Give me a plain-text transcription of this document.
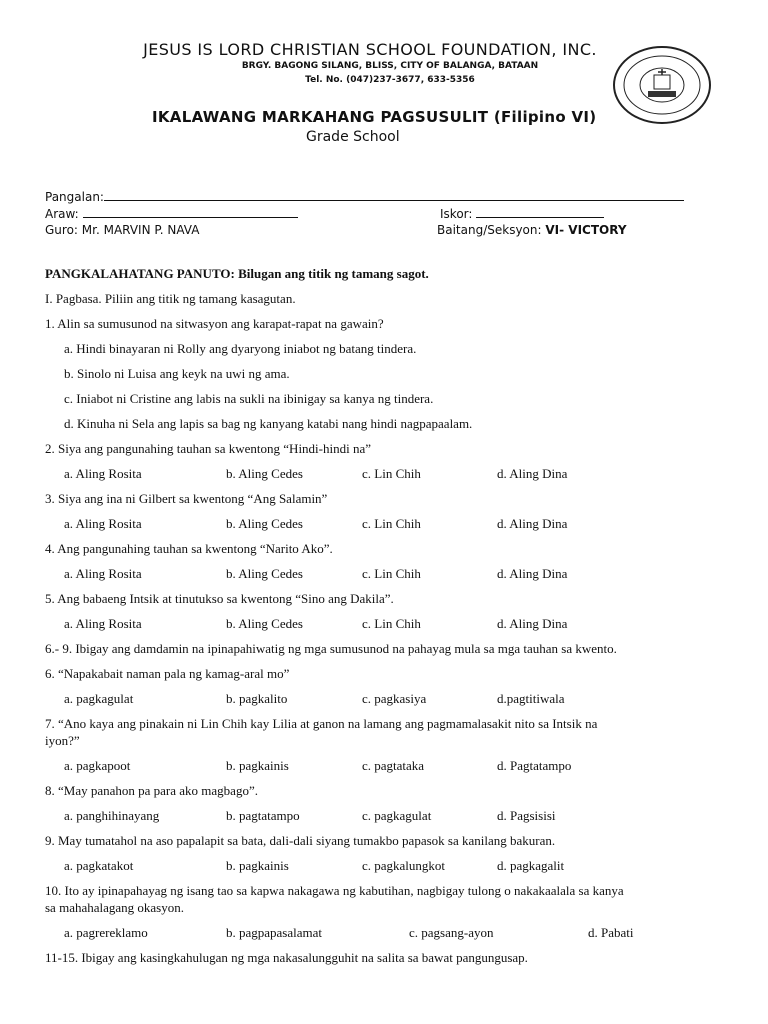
JESUS IS LORD CHRISTIAN SCHOOL FOUNDATION, INC.
BRGY. BAGONG SILANG, BLISS, CITY OF BALANGA, BATAAN
Tel. No. (047)237-3677, 633-5356
IKALAWANG MARKAHANG PAGSUSULIT (Filipino VI)
Grade School
Pangalan:
Araw:	Iskor:
Guro: Mr. MARVIN P. NAVA	Baitang/Seksyon: VI- VICTORY
PANGKALAHATANG PANUTO: Bilugan ang titik ng tamang sagot.
I. Pagbasa. Piliin ang titik ng tamang kasagutan.
1. Alin sa sumusunod na sitwasyon ang karapat-rapat na gawain?
a. Hindi binayaran ni Rolly ang dyaryong iniabot ng batang tindera.
b. Sinolo ni Luisa ang keyk na uwi ng ama.
c. Iniabot ni Cristine ang labis na sukli na ibinigay sa kanya ng tindera.
d. Kinuha ni Sela ang lapis sa bag ng kanyang katabi nang hindi nagpapaalam.
2. Siya ang pangunahing tauhan sa kwentong “Hindi-hindi na”
a. Aling Rosita	b. Aling Cedes	c. Lin Chih	d. Aling Dina
3. Siya ang ina ni Gilbert sa kwentong “Ang Salamin”
a. Aling Rosita	b. Aling Cedes	c. Lin Chih	d. Aling Dina
4. Ang pangunahing tauhan sa kwentong “Narito Ako”.
a. Aling Rosita	b. Aling Cedes	c. Lin Chih	d. Aling Dina
5. Ang babaeng Intsik at tinutukso sa kwentong “Sino ang Dakila”.
a. Aling Rosita	b. Aling Cedes	c. Lin Chih	d. Aling Dina
6.- 9. Ibigay ang damdamin na ipinapahiwatig ng mga sumusunod na pahayag mula sa mga tauhan sa kwento.
6. “Napakabait naman pala ng kamag-aral mo”
a. pagkagulat	b. pagkalito	c. pagkasiya	d.pagtitiwala
7. “Ano kaya ang pinakain ni Lin Chih kay Lilia at ganon na lamang ang pagmamalasakit nito sa Intsik na
iyon?”
a. pagkapoot	b. pagkainis	c. pagtataka	d. Pagtatampo
8. “May panahon pa para ako magbago”.
a. panghihinayang	b. pagtatampo	c. pagkagulat	d. Pagsisisi
9. May tumatahol na aso papalapit sa bata, dali-dali siyang tumakbo papasok sa kanilang bakuran.
a. pagkatakot	b. pagkainis	c. pagkalungkot	d. pagkagalit
10. Ito ay ipinapahayag ng isang tao sa kapwa nakagawa ng kabutihan, nagbigay tulong o nakakaalala sa kanya
sa mahahalagang okasyon.
a. pagrereklamo	b. pagpapasalamat	c. pagsang-ayon	d. Pabati
11-15. Ibigay ang kasingkahulugan ng mga nakasalungguhit na salita sa bawat pangungusap.
